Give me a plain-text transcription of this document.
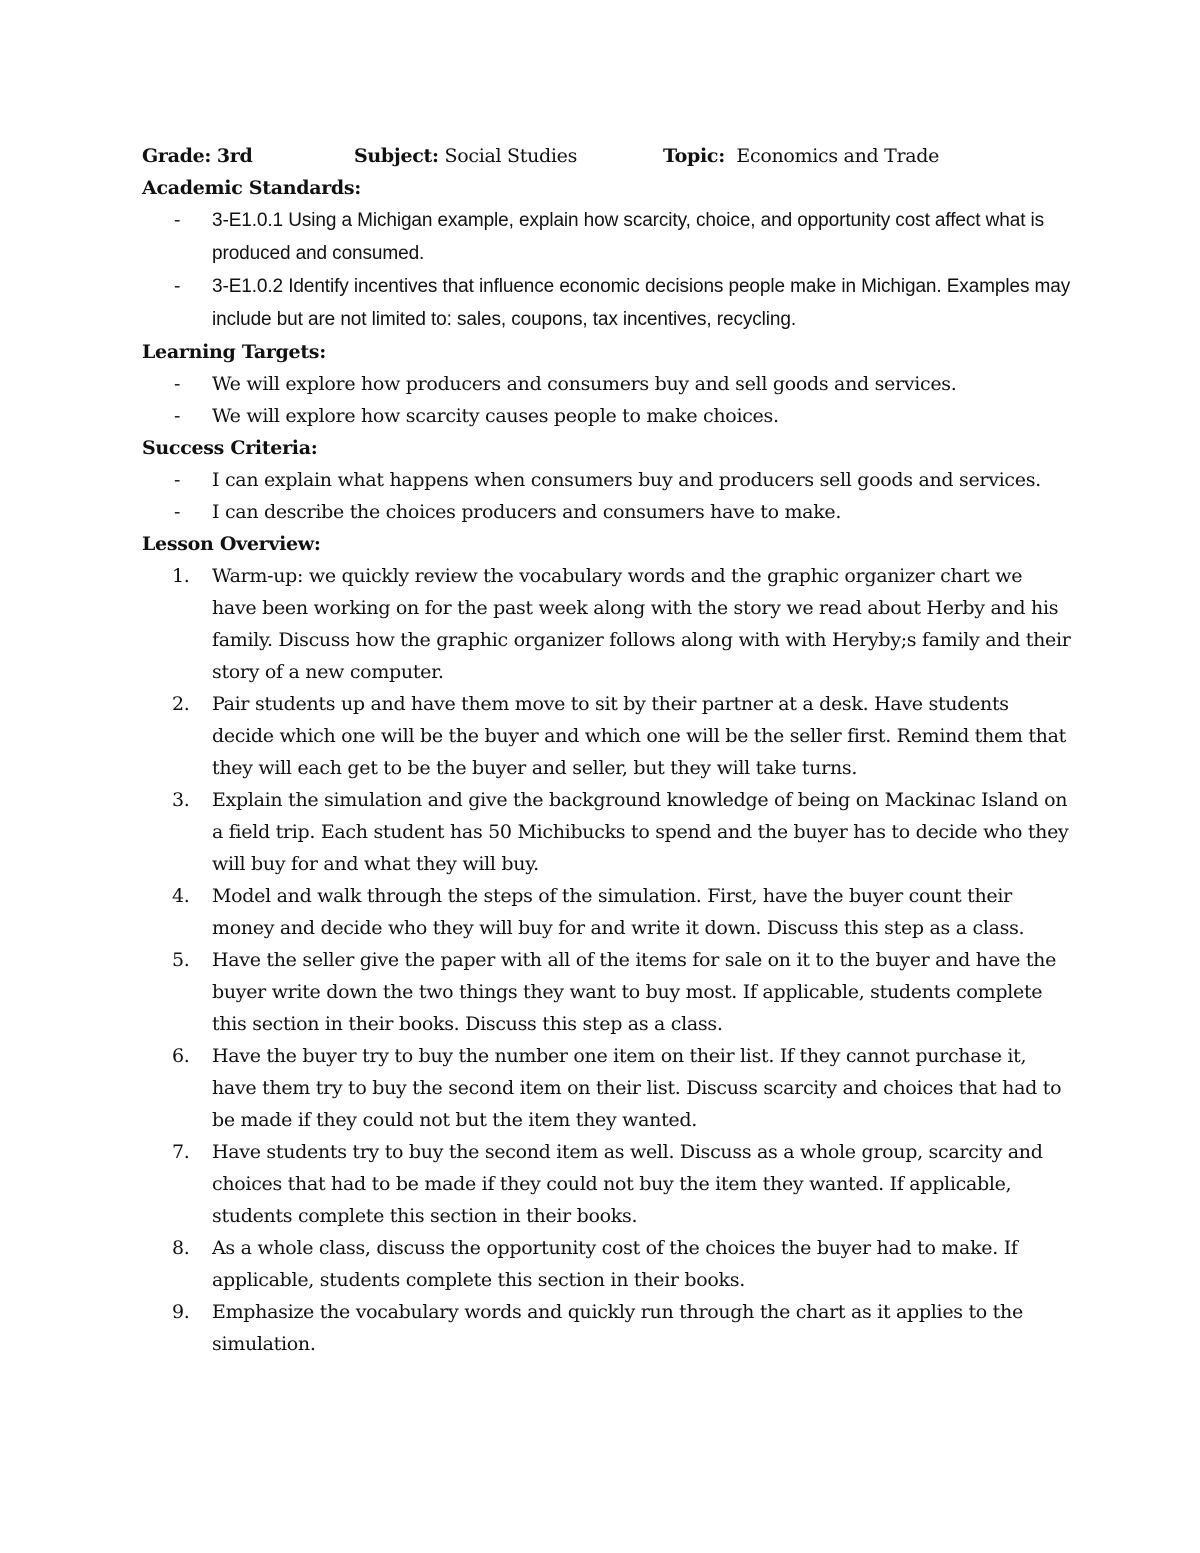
Grade: 3rd	Subject: Social Studies	Topic: Economics and Trade
Academic Standards:
- 3-E1.0.1 Using a Michigan example, explain how scarcity, choice, and opportunity cost affect what is produced and consumed.
- 3-E1.0.2 Identify incentives that influence economic decisions people make in Michigan. Examples may include but are not limited to: sales, coupons, tax incentives, recycling.
Learning Targets:
- We will explore how producers and consumers buy and sell goods and services.
- We will explore how scarcity causes people to make choices.
Success Criteria:
- I can explain what happens when consumers buy and producers sell goods and services.
- I can describe the choices producers and consumers have to make.
Lesson Overview:
1. Warm-up: we quickly review the vocabulary words and the graphic organizer chart we have been working on for the past week along with the story we read about Herby and his family. Discuss how the graphic organizer follows along with with Heryby;s family and their story of a new computer.
2. Pair students up and have them move to sit by their partner at a desk. Have students decide which one will be the buyer and which one will be the seller first. Remind them that they will each get to be the buyer and seller, but they will take turns.
3. Explain the simulation and give the background knowledge of being on Mackinac Island on a field trip. Each student has 50 Michibucks to spend and the buyer has to decide who they will buy for and what they will buy.
4. Model and walk through the steps of the simulation. First, have the buyer count their money and decide who they will buy for and write it down. Discuss this step as a class.
5. Have the seller give the paper with all of the items for sale on it to the buyer and have the buyer write down the two things they want to buy most. If applicable, students complete this section in their books. Discuss this step as a class.
6. Have the buyer try to buy the number one item on their list. If they cannot purchase it, have them try to buy the second item on their list. Discuss scarcity and choices that had to be made if they could not but the item they wanted.
7. Have students try to buy the second item as well. Discuss as a whole group, scarcity and choices that had to be made if they could not buy the item they wanted. If applicable, students complete this section in their books.
8. As a whole class, discuss the opportunity cost of the choices the buyer had to make. If applicable, students complete this section in their books.
9. Emphasize the vocabulary words and quickly run through the chart as it applies to the simulation.
